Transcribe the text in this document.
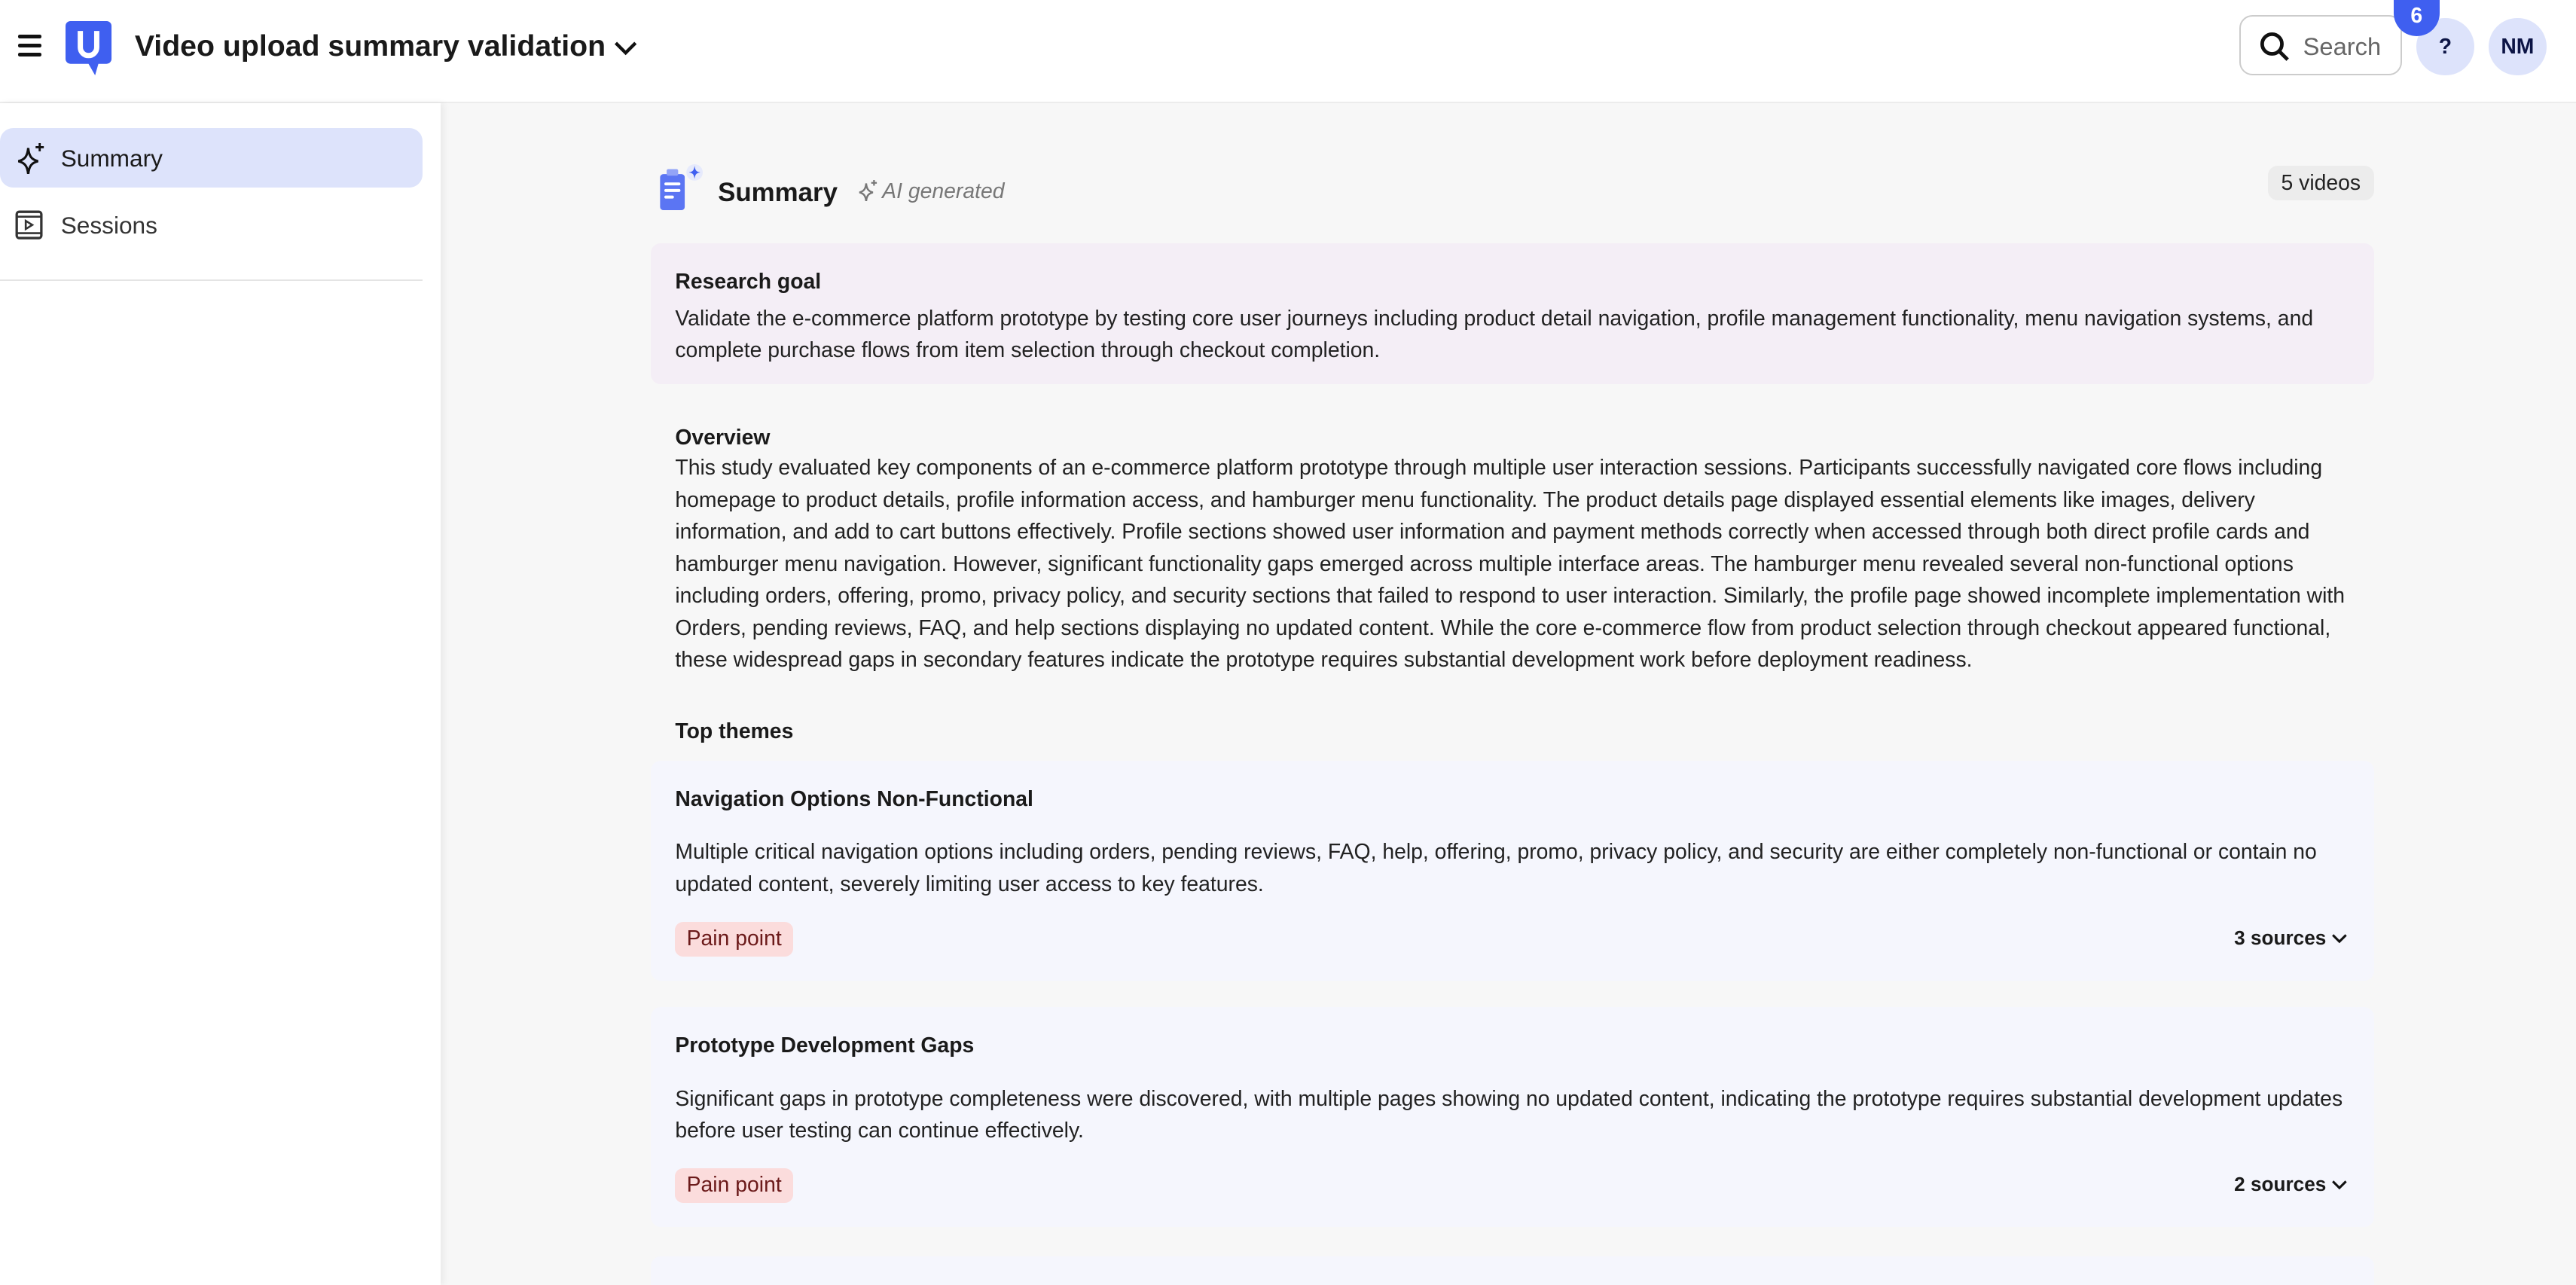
Video upload summary validation	Search	?
6
NM
Summary
Sessions
Summary	AI generated	5 videos
Research goal
Validate the e-commerce platform prototype by testing core user journeys including product detail navigation, profile management functionality, menu navigation systems, and complete purchase flows from item selection through checkout completion.
Overview
This study evaluated key components of an e-commerce platform prototype through multiple user interaction sessions. Participants successfully navigated core flows including homepage to product details, profile information access, and hamburger menu functionality. The product details page displayed essential elements like images, delivery information, and add to cart buttons effectively. Profile sections showed user information and payment methods correctly when accessed through both direct profile cards and hamburger menu navigation. However, significant functionality gaps emerged across multiple interface areas. The hamburger menu revealed several non-functional options including orders, offering, promo, privacy policy, and security sections that failed to respond to user interaction. Similarly, the profile page showed incomplete implementation with Orders, pending reviews, FAQ, and help sections displaying no updated content. While the core e-commerce flow from product selection through checkout appeared functional, these widespread gaps in secondary features indicate the prototype requires substantial development work before deployment readiness.
Top themes
Navigation Options Non-Functional
Multiple critical navigation options including orders, pending reviews, FAQ, help, offering, promo, privacy policy, and security are either completely non-functional or contain no updated content, severely limiting user access to key features.
Pain point	3 sources
Prototype Development Gaps
Significant gaps in prototype completeness were discovered, with multiple pages showing no updated content, indicating the prototype requires substantial development updates before user testing can continue effectively.
Pain point	2 sources
